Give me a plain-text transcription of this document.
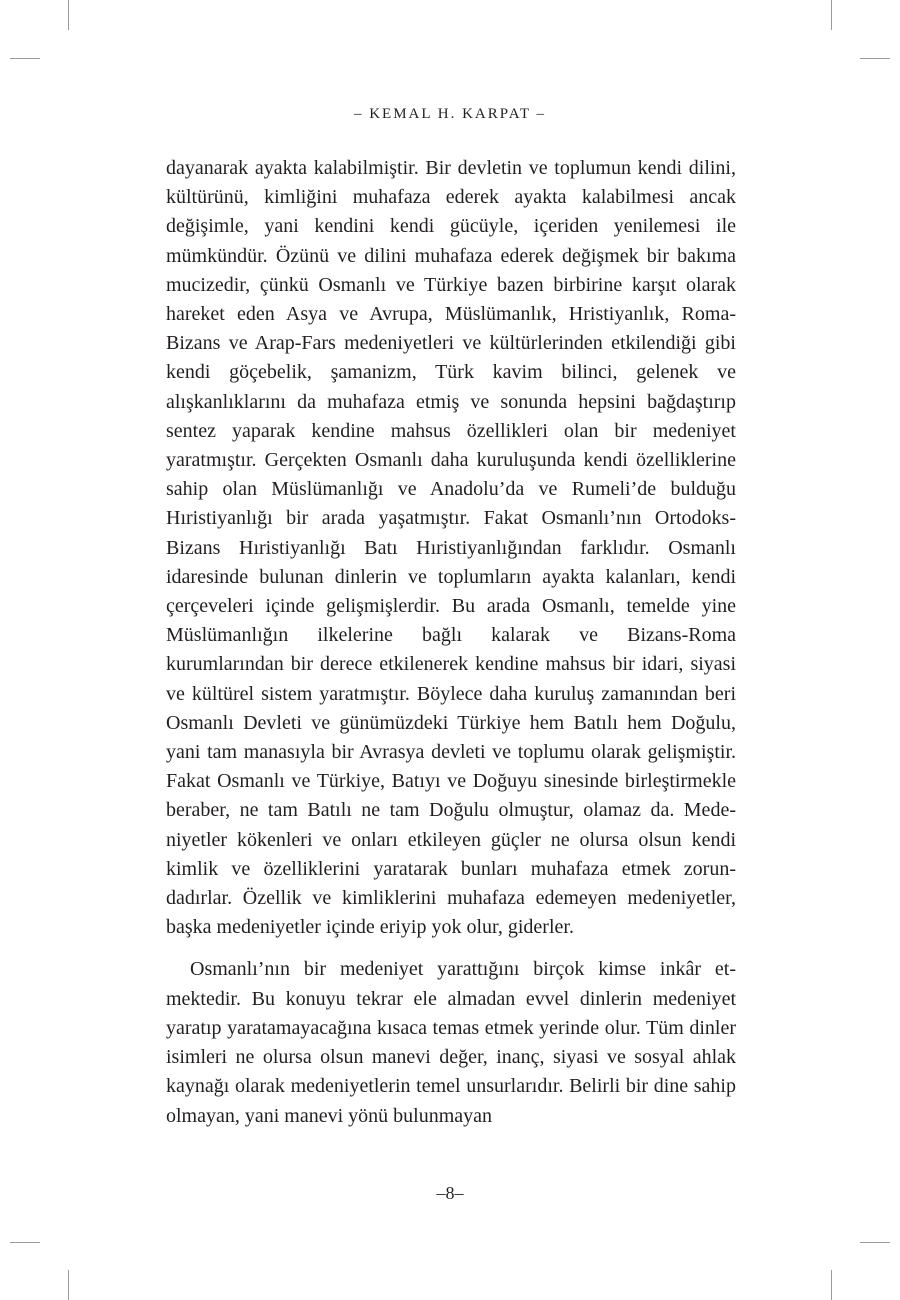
– KEMAL H. KARPAT –

dayanarak ayakta kalabilmiştir. Bir devletin ve toplumun kendi dilini, kültürünü, kimliğini muhafaza ederek ayakta kalabilmesi ancak değişimle, yani kendini kendi gücüyle, içeriden yenilemesi ile mümkündür. Özünü ve dilini muhafaza ederek değişmek bir bakıma mucizedir, çünkü Osmanlı ve Türkiye bazen birbirine karşıt olarak hareket eden Asya ve Avrupa, Müslümanlık, Hristiyanlık, Roma-Bizans ve Arap-Fars medeniyetleri ve kültürlerinden etkilendiği gibi kendi göçebelik, şamanizm, Türk kavim bilinci, gelenek ve alışkanlıklarını da muhafaza etmiş ve sonunda hepsini bağdaştırıp sentez yaparak kendine mahsus özellikleri olan bir medeniyet yaratmıştır. Gerçekten Osmanlı daha kuruluşunda kendi özelliklerine sahip olan Müslümanlığı ve Anadolu’da ve Rumeli’de bulduğu Hıristiyanlığı bir arada yaşatmıştır. Fakat Osmanlı’nın Ortodoks-Bizans Hıristiyanlığı Batı Hıristiyanlığından farklıdır. Osmanlı idaresinde bulunan dinlerin ve toplumların ayakta kalanları, kendi çerçeveleri içinde gelişmişlerdir. Bu arada Osmanlı, temelde yine Müslümanlığın ilkelerine bağlı kalarak ve Bizans-Roma kurumlarından bir derece etkilenerek kendine mahsus bir idari, siyasi ve kültürel sistem yaratmıştır. Böylece daha kuruluş zamanından beri Osmanlı Devleti ve günümüzdeki Türkiye hem Batılı hem Doğulu, yani tam manasıyla bir Avrasya devleti ve toplumu olarak gelişmiştir. Fakat Osmanlı ve Türkiye, Batıyı ve Doğuyu sinesinde birleştirmekle beraber, ne tam Batılı ne tam Doğulu olmuştur, olamaz da. Medeniyetler kökenleri ve onları etkileyen güçler ne olursa olsun kendi kimlik ve özelliklerini yaratarak bunları muhafaza etmek zorundadırlar. Özellik ve kimliklerini muhafaza edemeyen medeniyetler, başka medeniyetler içinde eriyip yok olur, giderler.

Osmanlı’nın bir medeniyet yarattığını birçok kimse inkâr etmektedir. Bu konuyu tekrar ele almadan evvel dinlerin medeniyet yaratıp yaratamayacağına kısaca temas etmek yerinde olur. Tüm dinler isimleri ne olursa olsun manevi değer, inanç, siyasi ve sosyal ahlak kaynağı olarak medeniyetlerin temel unsurlarıdır. Belirli bir dine sahip olmayan, yani manevi yönü bulunmayan

–8–
